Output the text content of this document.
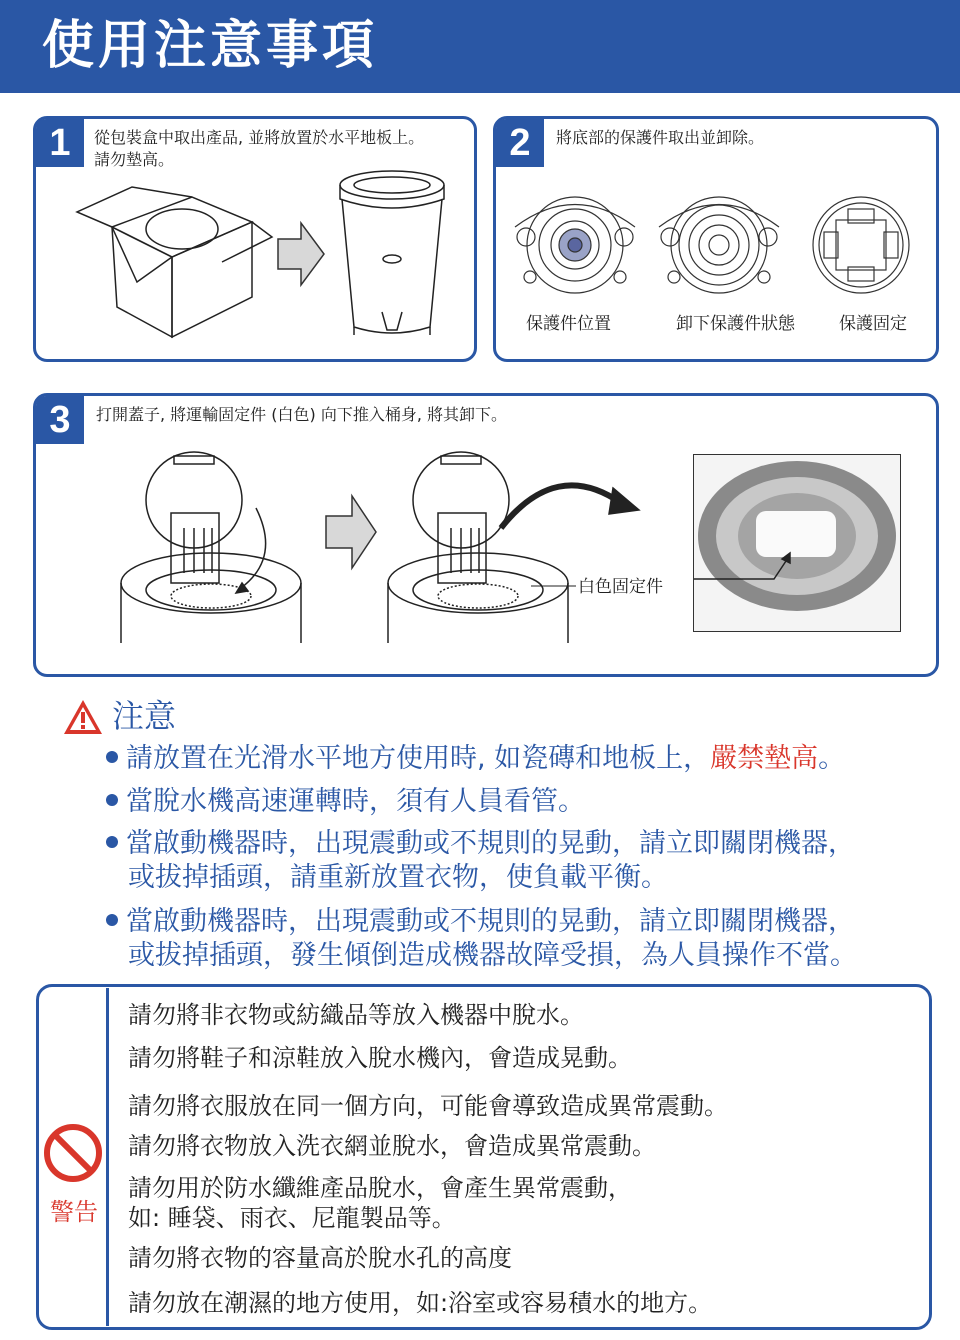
使用注意事項
1	從包裝盒中取出產品, 並將放置於水平地板上。
請勿墊高。	2	將底部的保護件取出並卸除。
保護件位置	卸下保護件狀態	保護固定
3	打開蓋子, 將運輸固定件 (白色) 向下推入桶身, 將其卸下。
白色固定件
注意
請放置在光滑水平地方使用時, 如瓷磚和地板上，嚴禁墊高。
當脫水機高速運轉時，須有人員看管。
當啟動機器時，出現震動或不規則的晃動，請立即關閉機器，
或拔掉插頭，請重新放置衣物，使負載平衡。
當啟動機器時，出現震動或不規則的晃動，請立即關閉機器，
或拔掉插頭，發生傾倒造成機器故障受損，為人員操作不當。
警告
請勿將非衣物或紡織品等放入機器中脫水。
請勿將鞋子和涼鞋放入脫水機內，會造成晃動。
請勿將衣服放在同一個方向，可能會導致造成異常震動。
請勿將衣物放入洗衣網並脫水，會造成異常震動。
請勿用於防水纖維產品脫水，會產生異常震動，
如: 睡袋、雨衣、尼龍製品等。
請勿將衣物的容量高於脫水孔的高度
請勿放在潮濕的地方使用，如:浴室或容易積水的地方。
